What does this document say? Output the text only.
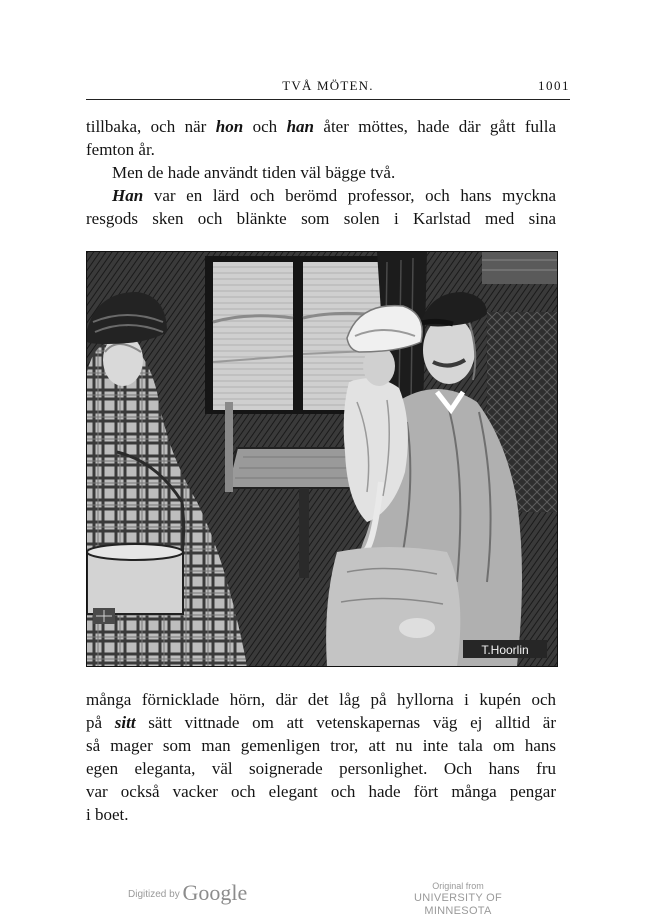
TVÅ MÖTEN.	1001
tillbaka, och när hon och han åter möttes, hade där gått fulla
femton år.
Men de hade användt tiden väl bägge två.
Han var en lärd och berömd professor, och hans myckna
resgods sken och blänkte som solen i Karlstad med sina
T.Hoorlin
många förnicklade hörn, där det låg på hyllorna i kupén och
på sitt sätt vittnade om att vetenskapernas väg ej alltid är
så mager som man gemenligen tror, att nu inte tala om hans
egen eleganta, väl soignerade personlighet. Och hans fru
var också vacker och elegant och hade fört många pengar
i boet.
Digitized by Google	Original from
UNIVERSITY OF MINNESOTA
